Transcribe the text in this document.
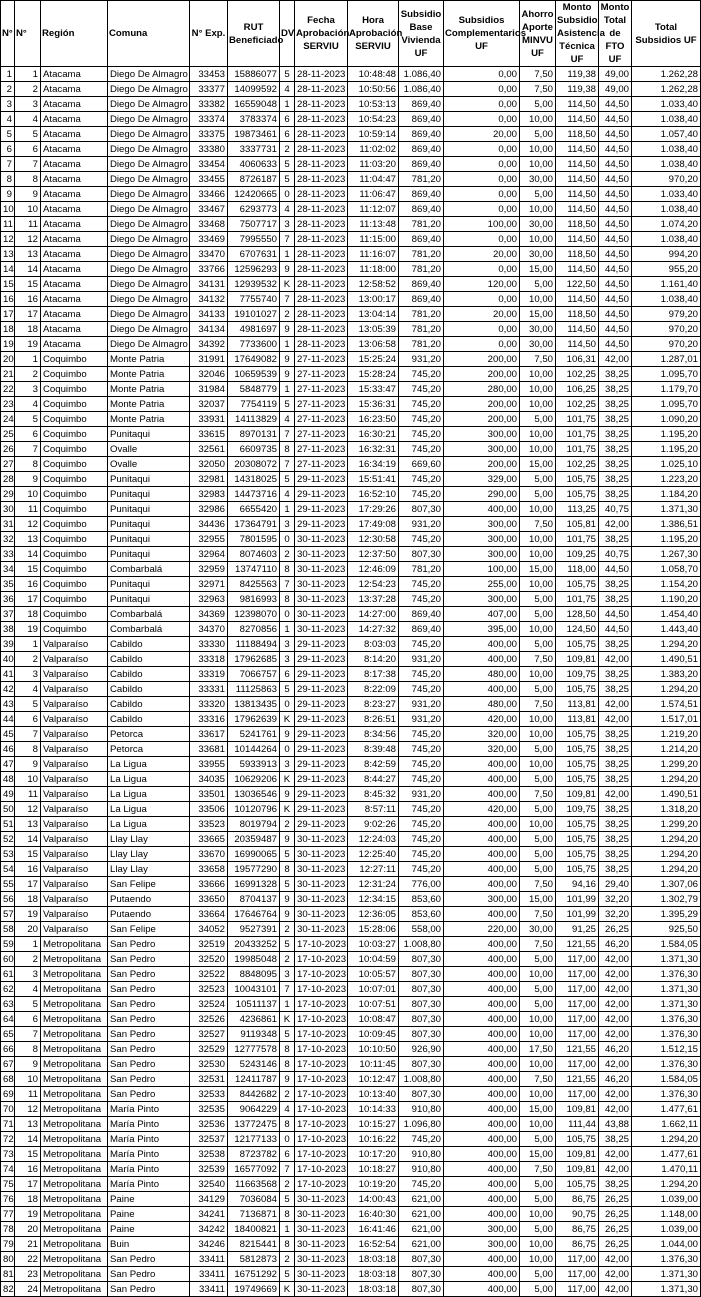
N°	N°	Región	Comuna	N° Exp.	RUT Beneficiado	DV	Fecha Aprobación SERVIU	Hora Aprobación SERVIU	Subsidio Base Vivienda UF	Subsidios Complementarios UF	Ahorro Aporte MINVU UF	Monto Subsidio Asistencia Técnica UF	Monto Total de FTO UF	Total Subsidios UF
1	1	Atacama	Diego De Almagro	33453	15886077	5	28-11-2023	10:48:48	1.086,40	0,00	7,50	119,38	49,00	1.262,28
2	2	Atacama	Diego De Almagro	33377	14099592	4	28-11-2023	10:50:56	1.086,40	0,00	7,50	119,38	49,00	1.262,28
3	3	Atacama	Diego De Almagro	33382	16559048	1	28-11-2023	10:53:13	869,40	0,00	5,00	114,50	44,50	1.033,40
4	4	Atacama	Diego De Almagro	33374	3783374	6	28-11-2023	10:54:23	869,40	0,00	10,00	114,50	44,50	1.038,40
5	5	Atacama	Diego De Almagro	33375	19873461	6	28-11-2023	10:59:14	869,40	20,00	5,00	118,50	44,50	1.057,40
6	6	Atacama	Diego De Almagro	33380	3337731	2	28-11-2023	11:02:02	869,40	0,00	10,00	114,50	44,50	1.038,40
7	7	Atacama	Diego De Almagro	33454	4060633	5	28-11-2023	11:03:20	869,40	0,00	10,00	114,50	44,50	1.038,40
8	8	Atacama	Diego De Almagro	33455	8726187	5	28-11-2023	11:04:47	781,20	0,00	30,00	114,50	44,50	970,20
9	9	Atacama	Diego De Almagro	33466	12420665	0	28-11-2023	11:06:47	869,40	0,00	5,00	114,50	44,50	1.033,40
10	10	Atacama	Diego De Almagro	33467	6293773	4	28-11-2023	11:12:07	869,40	0,00	10,00	114,50	44,50	1.038,40
11	11	Atacama	Diego De Almagro	33468	7507717	3	28-11-2023	11:13:48	781,20	100,00	30,00	118,50	44,50	1.074,20
12	12	Atacama	Diego De Almagro	33469	7995550	7	28-11-2023	11:15:00	869,40	0,00	10,00	114,50	44,50	1.038,40
13	13	Atacama	Diego De Almagro	33470	6707631	1	28-11-2023	11:16:07	781,20	20,00	30,00	118,50	44,50	994,20
14	14	Atacama	Diego De Almagro	33766	12596293	9	28-11-2023	11:18:00	781,20	0,00	15,00	114,50	44,50	955,20
15	15	Atacama	Diego De Almagro	34131	12939532	K	28-11-2023	12:58:52	869,40	120,00	5,00	122,50	44,50	1.161,40
16	16	Atacama	Diego De Almagro	34132	7755740	7	28-11-2023	13:00:17	869,40	0,00	10,00	114,50	44,50	1.038,40
17	17	Atacama	Diego De Almagro	34133	19101027	2	28-11-2023	13:04:14	781,20	20,00	15,00	118,50	44,50	979,20
18	18	Atacama	Diego De Almagro	34134	4981697	9	28-11-2023	13:05:39	781,20	0,00	30,00	114,50	44,50	970,20
19	19	Atacama	Diego De Almagro	34392	7733600	1	28-11-2023	13:06:58	781,20	0,00	30,00	114,50	44,50	970,20
20	1	Coquimbo	Monte Patria	31991	17649082	9	27-11-2023	15:25:24	931,20	200,00	7,50	106,31	42,00	1.287,01
21	2	Coquimbo	Monte Patria	32046	10659539	9	27-11-2023	15:28:24	745,20	200,00	10,00	102,25	38,25	1.095,70
22	3	Coquimbo	Monte Patria	31984	5848779	1	27-11-2023	15:33:47	745,20	280,00	10,00	106,25	38,25	1.179,70
23	4	Coquimbo	Monte Patria	32037	7754119	5	27-11-2023	15:36:31	745,20	200,00	10,00	102,25	38,25	1.095,70
24	5	Coquimbo	Monte Patria	33931	14113829	4	27-11-2023	16:23:50	745,20	200,00	5,00	101,75	38,25	1.090,20
25	6	Coquimbo	Punitaqui	33615	8970131	7	27-11-2023	16:30:21	745,20	300,00	10,00	101,75	38,25	1.195,20
26	7	Coquimbo	Ovalle	32561	6609735	8	27-11-2023	16:32:31	745,20	300,00	10,00	101,75	38,25	1.195,20
27	8	Coquimbo	Ovalle	32050	20308072	7	27-11-2023	16:34:19	669,60	200,00	15,00	102,25	38,25	1.025,10
28	9	Coquimbo	Punitaqui	32981	14318025	5	29-11-2023	15:51:41	745,20	329,00	5,00	105,75	38,25	1.223,20
29	10	Coquimbo	Punitaqui	32983	14473716	4	29-11-2023	16:52:10	745,20	290,00	5,00	105,75	38,25	1.184,20
30	11	Coquimbo	Punitaqui	32986	6655420	1	29-11-2023	17:29:26	807,30	400,00	10,00	113,25	40,75	1.371,30
31	12	Coquimbo	Punitaqui	34436	17364791	3	29-11-2023	17:49:08	931,20	300,00	7,50	105,81	42,00	1.386,51
32	13	Coquimbo	Punitaqui	32955	7801595	0	30-11-2023	12:30:58	745,20	300,00	10,00	101,75	38,25	1.195,20
33	14	Coquimbo	Punitaqui	32964	8074603	2	30-11-2023	12:37:50	807,30	300,00	10,00	109,25	40,75	1.267,30
34	15	Coquimbo	Combarbalá	32959	13747110	8	30-11-2023	12:46:09	781,20	100,00	15,00	118,00	44,50	1.058,70
35	16	Coquimbo	Punitaqui	32971	8425563	7	30-11-2023	12:54:23	745,20	255,00	10,00	105,75	38,25	1.154,20
36	17	Coquimbo	Punitaqui	32963	9816993	8	30-11-2023	13:37:28	745,20	300,00	5,00	101,75	38,25	1.190,20
37	18	Coquimbo	Combarbalá	34369	12398070	0	30-11-2023	14:27:00	869,40	407,00	5,00	128,50	44,50	1.454,40
38	19	Coquimbo	Combarbalá	34370	8270856	1	30-11-2023	14:27:32	869,40	395,00	10,00	124,50	44,50	1.443,40
39	1	Valparaíso	Cabildo	33330	11188494	3	29-11-2023	8:03:03	745,20	400,00	5,00	105,75	38,25	1.294,20
40	2	Valparaíso	Cabildo	33318	17962685	3	29-11-2023	8:14:20	931,20	400,00	7,50	109,81	42,00	1.490,51
41	3	Valparaíso	Cabildo	33319	7066757	6	29-11-2023	8:17:38	745,20	480,00	10,00	109,75	38,25	1.383,20
42	4	Valparaíso	Cabildo	33331	11125863	5	29-11-2023	8:22:09	745,20	400,00	5,00	105,75	38,25	1.294,20
43	5	Valparaíso	Cabildo	33320	13813435	0	29-11-2023	8:23:27	931,20	480,00	7,50	113,81	42,00	1.574,51
44	6	Valparaíso	Cabildo	33316	17962639	K	29-11-2023	8:26:51	931,20	420,00	10,00	113,81	42,00	1.517,01
45	7	Valparaíso	Petorca	33617	5241761	9	29-11-2023	8:34:56	745,20	320,00	10,00	105,75	38,25	1.219,20
46	8	Valparaíso	Petorca	33681	10144264	0	29-11-2023	8:39:48	745,20	320,00	5,00	105,75	38,25	1.214,20
47	9	Valparaíso	La Ligua	33955	5933913	3	29-11-2023	8:42:59	745,20	400,00	10,00	105,75	38,25	1.299,20
48	10	Valparaíso	La Ligua	34035	10629206	K	29-11-2023	8:44:27	745,20	400,00	5,00	105,75	38,25	1.294,20
49	11	Valparaíso	La Ligua	33501	13036546	9	29-11-2023	8:45:32	931,20	400,00	7,50	109,81	42,00	1.490,51
50	12	Valparaíso	La Ligua	33506	10120796	K	29-11-2023	8:57:11	745,20	420,00	5,00	109,75	38,25	1.318,20
51	13	Valparaíso	La Ligua	33523	8019794	2	29-11-2023	9:02:26	745,20	400,00	10,00	105,75	38,25	1.299,20
52	14	Valparaíso	Llay Llay	33665	20359487	9	30-11-2023	12:24:03	745,20	400,00	5,00	105,75	38,25	1.294,20
53	15	Valparaíso	Llay Llay	33670	16990065	5	30-11-2023	12:25:40	745,20	400,00	5,00	105,75	38,25	1.294,20
54	16	Valparaíso	Llay Llay	33658	19577290	8	30-11-2023	12:27:11	745,20	400,00	5,00	105,75	38,25	1.294,20
55	17	Valparaíso	San Felipe	33666	16991328	5	30-11-2023	12:31:24	776,00	400,00	7,50	94,16	29,40	1.307,06
56	18	Valparaíso	Putaendo	33650	8704137	9	30-11-2023	12:34:15	853,60	300,00	15,00	101,99	32,20	1.302,79
57	19	Valparaíso	Putaendo	33664	17646764	9	30-11-2023	12:36:05	853,60	400,00	7,50	101,99	32,20	1.395,29
58	20	Valparaíso	San Felipe	34052	9527391	2	30-11-2023	15:28:06	558,00	220,00	30,00	91,25	26,25	925,50
59	1	Metropolitana	San Pedro	32519	20433252	5	17-10-2023	10:03:27	1.008,80	400,00	7,50	121,55	46,20	1.584,05
60	2	Metropolitana	San Pedro	32520	19985048	2	17-10-2023	10:04:59	807,30	400,00	5,00	117,00	42,00	1.371,30
61	3	Metropolitana	San Pedro	32522	8848095	3	17-10-2023	10:05:57	807,30	400,00	10,00	117,00	42,00	1.376,30
62	4	Metropolitana	San Pedro	32523	10043101	7	17-10-2023	10:07:01	807,30	400,00	5,00	117,00	42,00	1.371,30
63	5	Metropolitana	San Pedro	32524	10511137	1	17-10-2023	10:07:51	807,30	400,00	5,00	117,00	42,00	1.371,30
64	6	Metropolitana	San Pedro	32526	4236861	K	17-10-2023	10:08:47	807,30	400,00	10,00	117,00	42,00	1.376,30
65	7	Metropolitana	San Pedro	32527	9119348	5	17-10-2023	10:09:45	807,30	400,00	10,00	117,00	42,00	1.376,30
66	8	Metropolitana	San Pedro	32529	12777578	8	17-10-2023	10:10:50	926,90	400,00	17,50	121,55	46,20	1.512,15
67	9	Metropolitana	San Pedro	32530	5243146	8	17-10-2023	10:11:45	807,30	400,00	10,00	117,00	42,00	1.376,30
68	10	Metropolitana	San Pedro	32531	12411787	9	17-10-2023	10:12:47	1.008,80	400,00	7,50	121,55	46,20	1.584,05
69	11	Metropolitana	San Pedro	32533	8442682	2	17-10-2023	10:13:40	807,30	400,00	10,00	117,00	42,00	1.376,30
70	12	Metropolitana	María Pinto	32535	9064229	4	17-10-2023	10:14:33	910,80	400,00	15,00	109,81	42,00	1.477,61
71	13	Metropolitana	María Pinto	32536	13772475	8	17-10-2023	10:15:27	1.096,80	400,00	10,00	111,44	43,88	1.662,11
72	14	Metropolitana	María Pinto	32537	12177133	0	17-10-2023	10:16:22	745,20	400,00	5,00	105,75	38,25	1.294,20
73	15	Metropolitana	María Pinto	32538	8723782	6	17-10-2023	10:17:20	910,80	400,00	15,00	109,81	42,00	1.477,61
74	16	Metropolitana	María Pinto	32539	16577092	7	17-10-2023	10:18:27	910,80	400,00	7,50	109,81	42,00	1.470,11
75	17	Metropolitana	María Pinto	32540	11663568	2	17-10-2023	10:19:20	745,20	400,00	5,00	105,75	38,25	1.294,20
76	18	Metropolitana	Paine	34129	7036084	5	30-11-2023	14:00:43	621,00	400,00	5,00	86,75	26,25	1.039,00
77	19	Metropolitana	Paine	34241	7136871	8	30-11-2023	16:40:30	621,00	400,00	10,00	90,75	26,25	1.148,00
78	20	Metropolitana	Paine	34242	18400821	1	30-11-2023	16:41:46	621,00	300,00	5,00	86,75	26,25	1.039,00
79	21	Metropolitana	Buin	34246	8215441	8	30-11-2023	16:52:54	621,00	300,00	10,00	86,75	26,25	1.044,00
80	22	Metropolitana	San Pedro	33411	5812873	2	30-11-2023	18:03:18	807,30	400,00	10,00	117,00	42,00	1.376,30
81	23	Metropolitana	San Pedro	33411	16751292	5	30-11-2023	18:03:18	807,30	400,00	5,00	117,00	42,00	1.371,30
82	24	Metropolitana	San Pedro	33411	19749669	K	30-11-2023	18:03:18	807,30	400,00	5,00	117,00	42,00	1.371,30
